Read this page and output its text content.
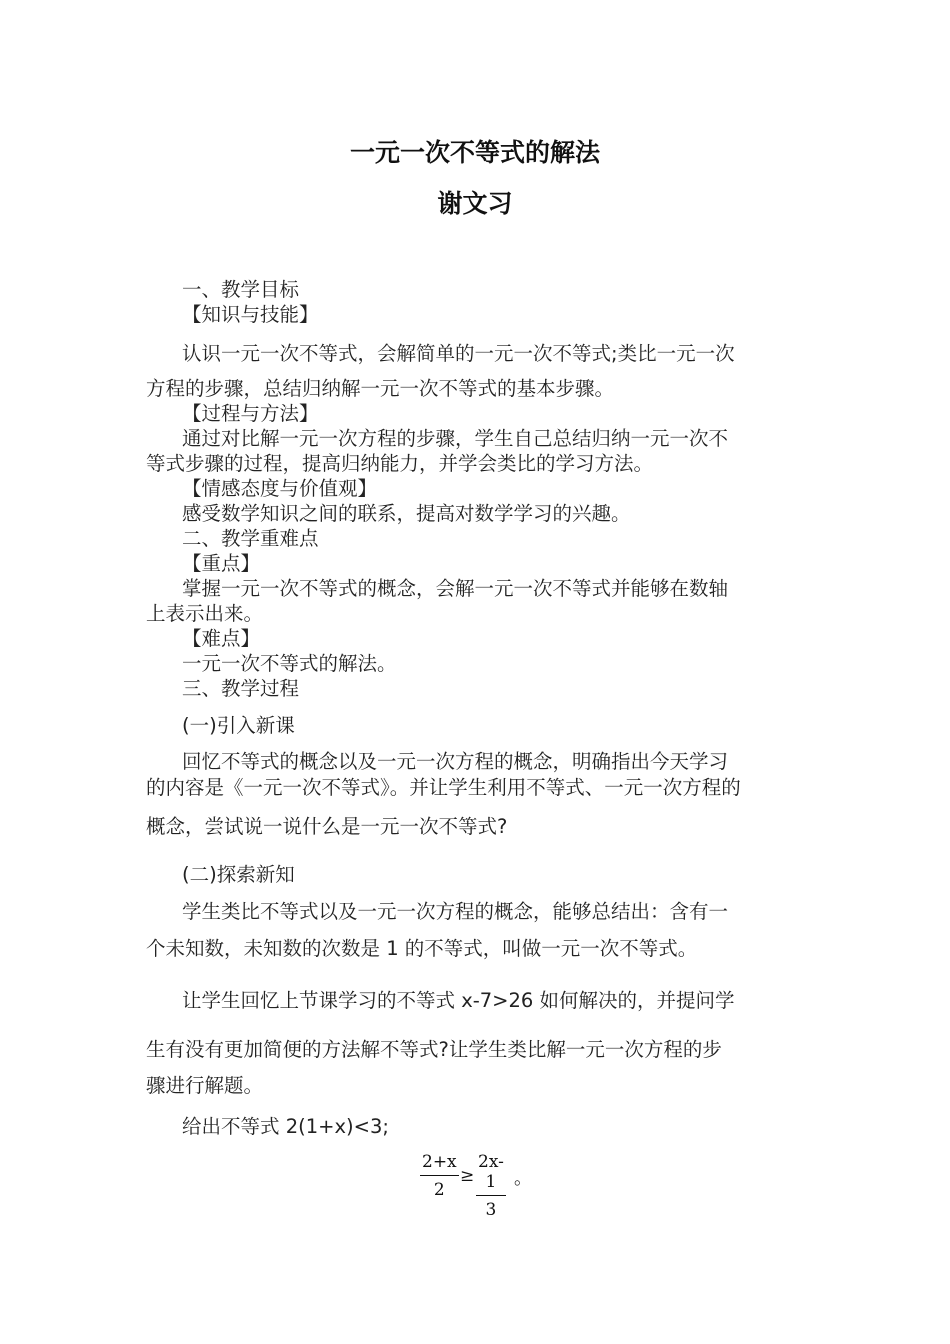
一元一次不等式的解法
谢文习
一、教学目标
【知识与技能】
认识一元一次不等式，会解简单的一元一次不等式;类比一元一次
方程的步骤，总结归纳解一元一次不等式的基本步骤。
【过程与方法】
通过对比解一元一次方程的步骤，学生自己总结归纳一元一次不
等式步骤的过程，提高归纳能力，并学会类比的学习方法。
【情感态度与价值观】
感受数学知识之间的联系，提高对数学学习的兴趣。
二、教学重难点
【重点】
掌握一元一次不等式的概念，会解一元一次不等式并能够在数轴
上表示出来。
【难点】
一元一次不等式的解法。
三、教学过程
(一)引入新课
回忆不等式的概念以及一元一次方程的概念，明确指出今天学习
的内容是《一元一次不等式》。并让学生利用不等式、一元一次方程的
概念，尝试说一说什么是一元一次不等式?
(二)探索新知
学生类比不等式以及一元一次方程的概念，能够总结出：含有一
个未知数，未知数的次数是 1 的不等式，叫做一元一次不等式。
让学生回忆上节课学习的不等式 x-7>26 如何解决的，并提问学
生有没有更加简便的方法解不等式?让学生类比解一元一次方程的步
骤进行解题。
给出不等式 2(1+x)<3;
$\frac{2+x}{2} \ge \frac{2x-1}{3}$ 。
